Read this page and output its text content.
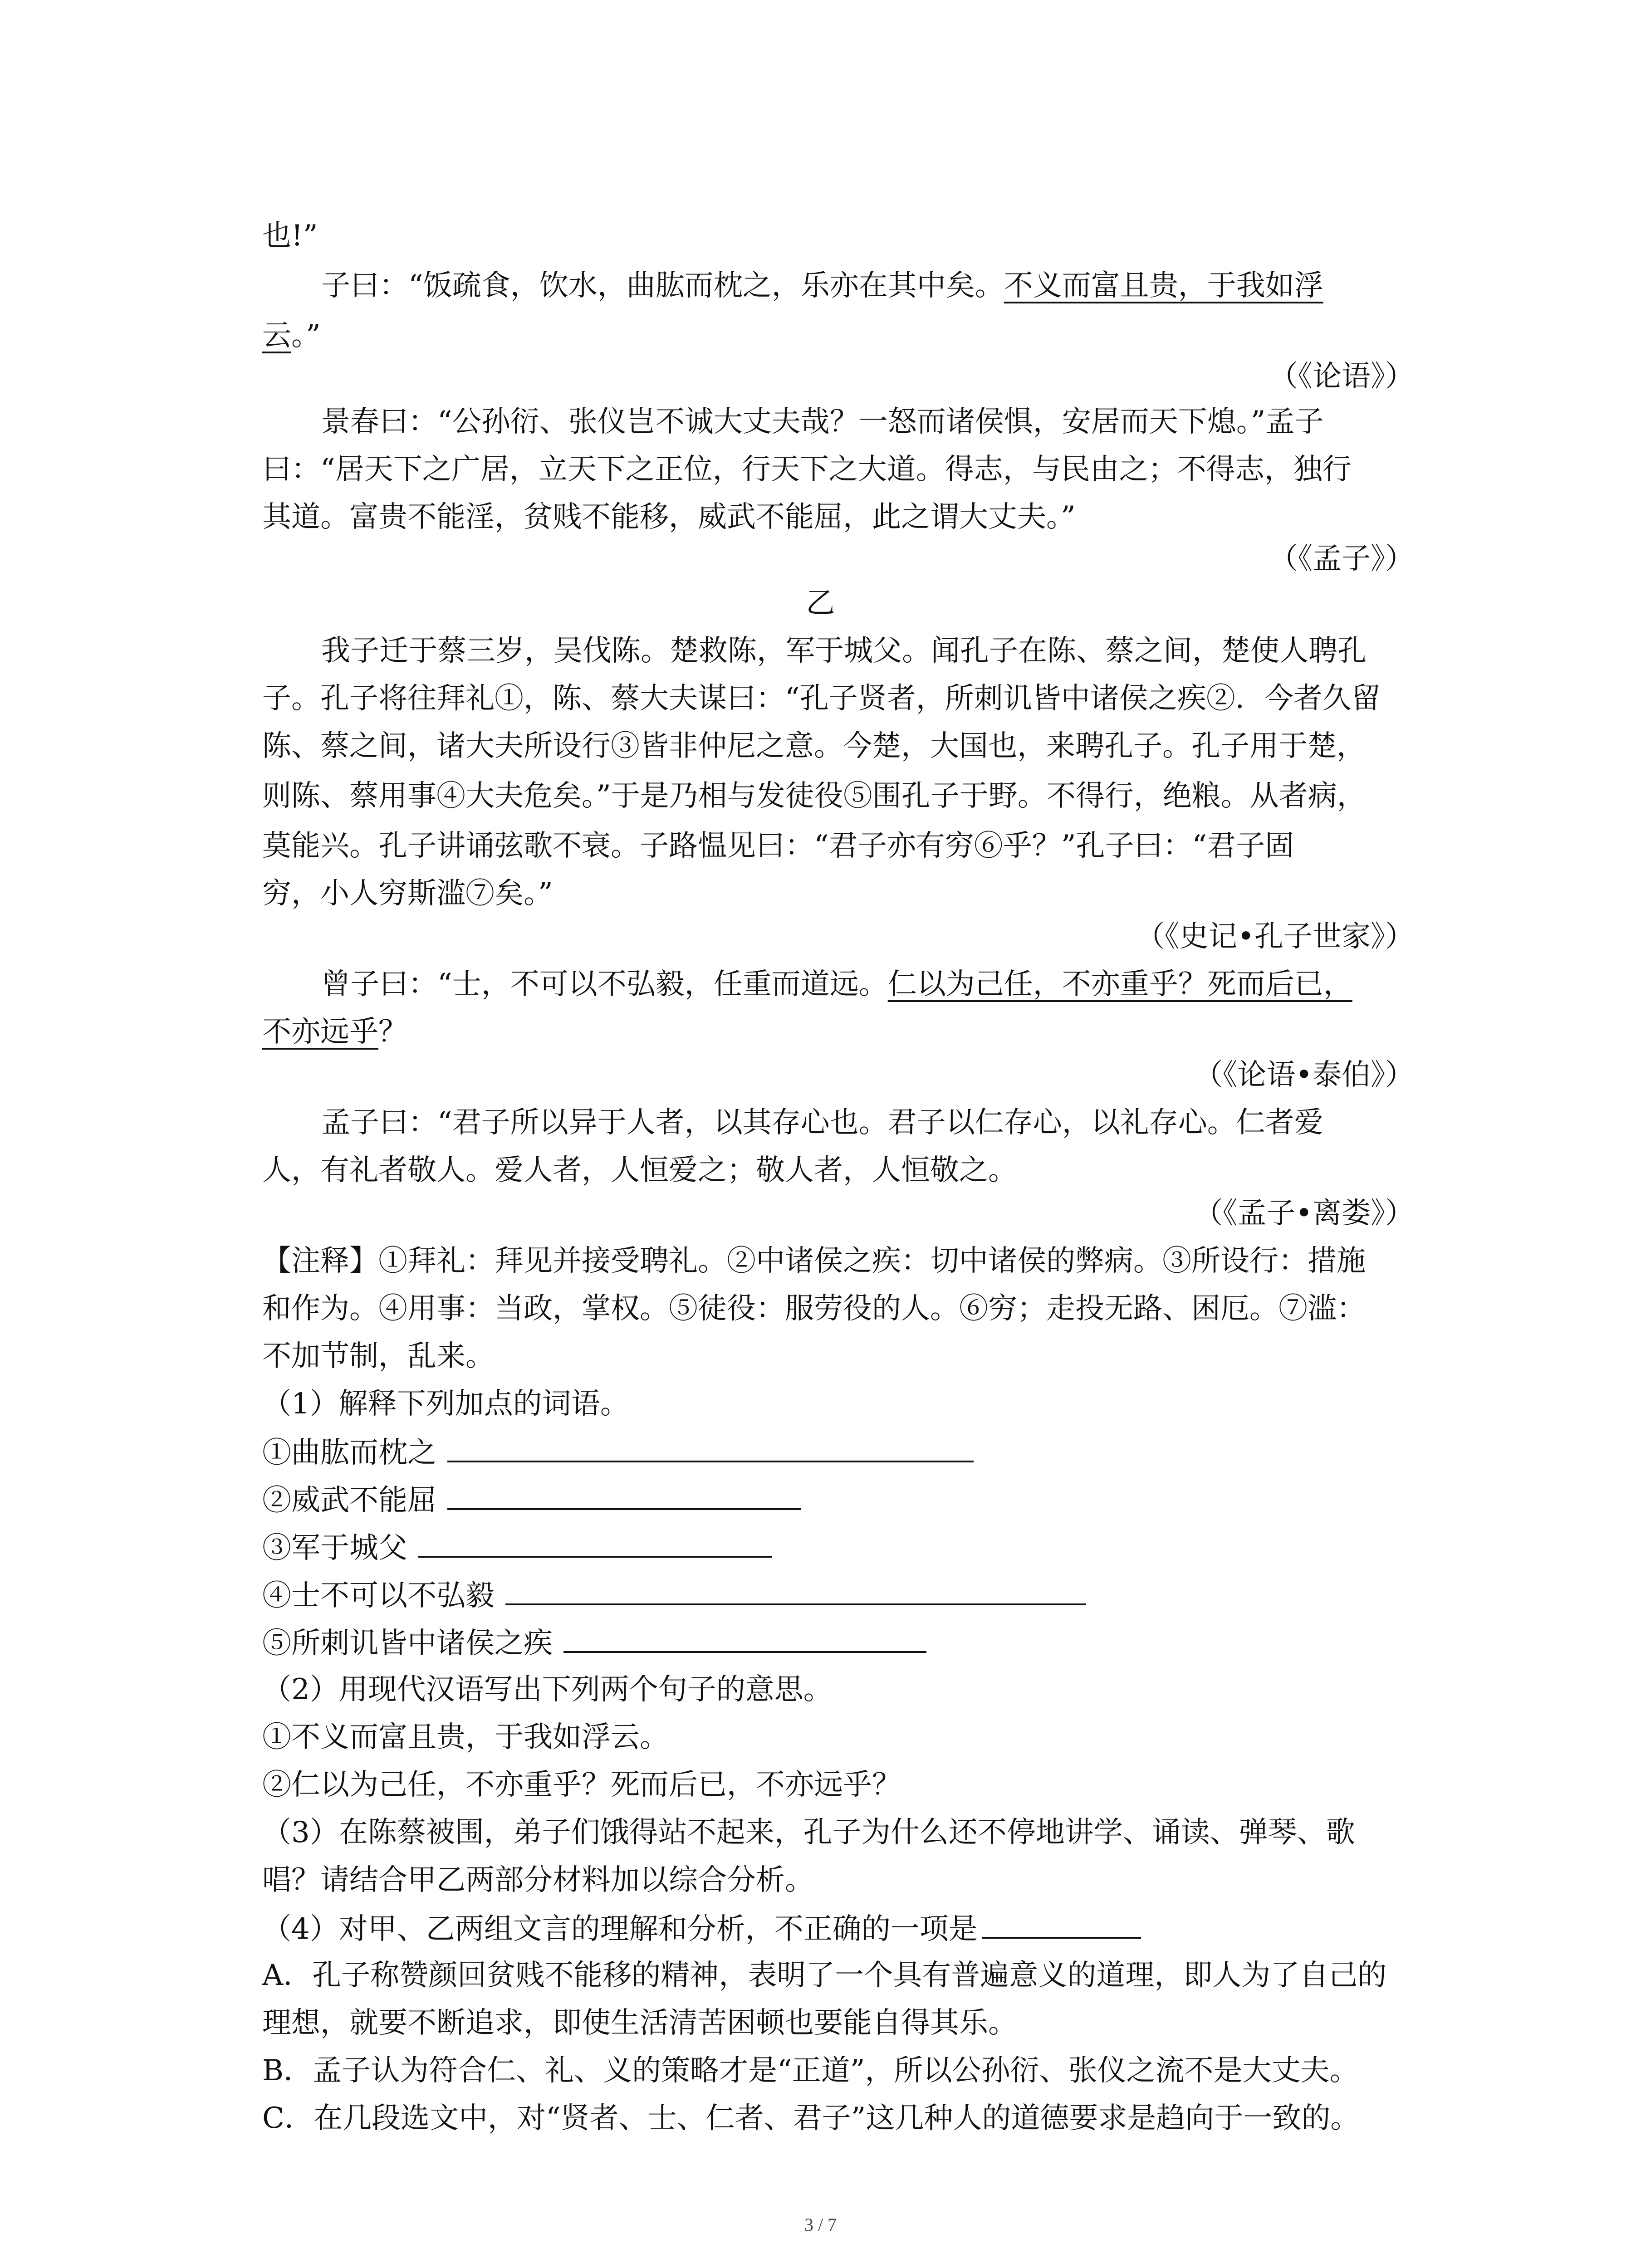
也!”
子曰：“饭疏食，饮水，曲肱而枕之，乐亦在其中矣。不义而富且贵，于我如浮
云。”
（《论语》）
景春曰：“公孙衍、张仪岂不诚大丈夫哉？一怒而诸侯惧，安居而天下熄。”孟子
曰：“居天下之广居，立天下之正位，行天下之大道。得志，与民由之；不得志，独行
其道。富贵不能淫，贫贱不能移，威武不能屈，此之谓大丈夫。”
（《孟子》）
乙
我子迁于蔡三岁，吴伐陈。楚救陈，军于城父。闻孔子在陈、蔡之间，楚使人聘孔
子。孔子将往拜礼①，陈、蔡大夫谋曰：“孔子贤者，所刺讥皆中诸侯之疾②．今者久留
陈、蔡之间，诸大夫所设行③皆非仲尼之意。今楚，大国也，来聘孔子。孔子用于楚，
则陈、蔡用事④大夫危矣。”于是乃相与发徒役⑤围孔子于野。不得行，绝粮。从者病，
莫能兴。孔子讲诵弦歌不衰。子路愠见曰：“君子亦有穷⑥乎？”孔子曰：“君子固
穷，小人穷斯滥⑦矣。”
（《史记•孔子世家》）
曾子曰：“士，不可以不弘毅，任重而道远。仁以为己任，不亦重乎？死而后已，
不亦远乎？
（《论语•泰伯》）
孟子曰：“君子所以异于人者，以其存心也。君子以仁存心，以礼存心。仁者爱
人，有礼者敬人。爱人者，人恒爱之；敬人者，人恒敬之。
（《孟子•离娄》）
【注释】①拜礼：拜见并接受聘礼。②中诸侯之疾：切中诸侯的弊病。③所设行：措施
和作为。④用事：当政，掌权。⑤徒役：服劳役的人。⑥穷；走投无路、困厄。⑦滥：
不加节制，乱来。
（1）解释下列加点的词语。
①曲肱而枕之
②威武不能屈
③军于城父
④士不可以不弘毅
⑤所刺讥皆中诸侯之疾
（2）用现代汉语写出下列两个句子的意思。
①不义而富且贵，于我如浮云。
②仁以为己任，不亦重乎？死而后已，不亦远乎？
（3）在陈蔡被围，弟子们饿得站不起来，孔子为什么还不停地讲学、诵读、弹琴、歌
唱？请结合甲乙两部分材料加以综合分析。
（4）对甲、乙两组文言的理解和分析，不正确的一项是
A．孔子称赞颜回贫贱不能移的精神，表明了一个具有普遍意义的道理，即人为了自己的
理想，就要不断追求，即使生活清苦困顿也要能自得其乐。
B．孟子认为符合仁、礼、义的策略才是“正道”，所以公孙衍、张仪之流不是大丈夫。
C．在几段选文中，对“贤者、士、仁者、君子”这几种人的道德要求是趋向于一致的。
3 / 7
